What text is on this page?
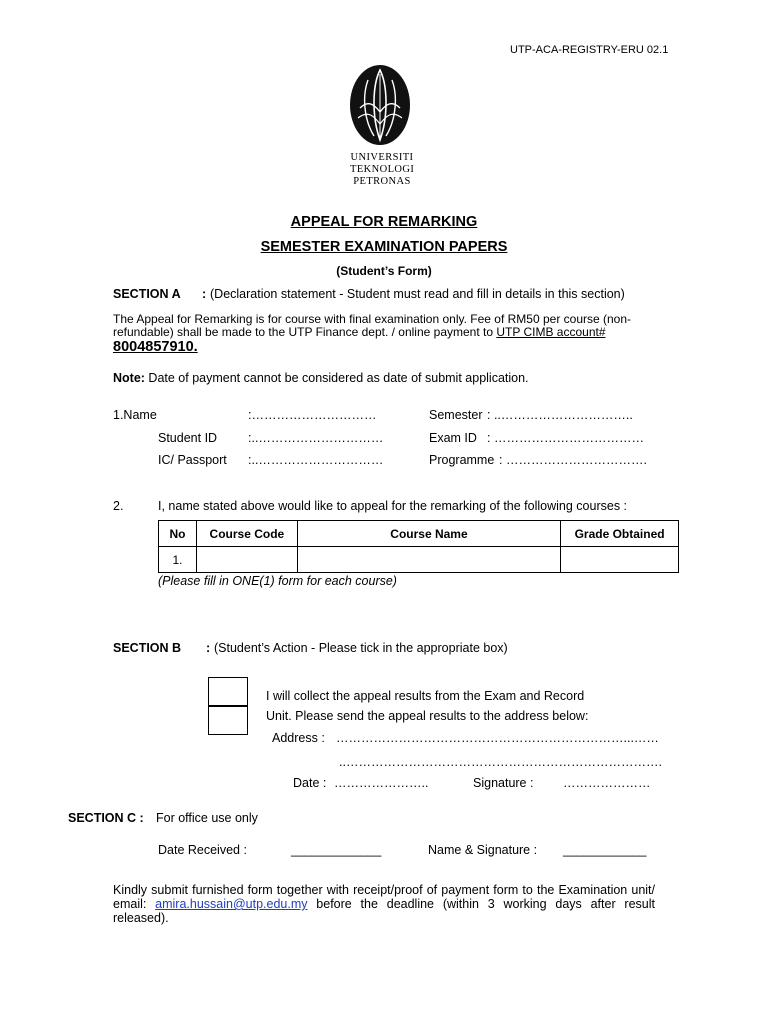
UTP-ACA-REGISTRY-ERU 02.1
UNIVERSITI
TEKNOLOGI
PETRONAS
APPEAL FOR REMARKING
SEMESTER EXAMINATION PAPERS
(Student’s Form)
SECTION A : (Declaration statement - Student must read and fill in details in this section)
The Appeal for Remarking is for course with final examination only. Fee of RM50 per course (non-
refundable) shall be made to the UTP Finance dept. / online payment to UTP CIMB account#
8004857910.
Note: Date of payment cannot be considered as date of submit application.
1.Name	:…………………………
Student ID :..…………………………
IC/ Passport :..…………………………
Semester : ..…………………………..
Exam ID : ………………………………
Programme : …………………………….
2.	I, name stated above would like to appeal for the remarking of the following courses :
No	Course Code	Course Name	Grade Obtained
1.			
(Please fill in ONE(1) form for each course)
SECTION B : (Student’s Action - Please tick in the appropriate box)
I will collect the appeal results from the Exam and Record
Unit. Please send the appeal results to the address below:
Address : ……………………………………………………………...……
..………………………………………………………………….
Date : …………………..	Signature : …………………
SECTION C : For office use only
Date Received :	_____________	Name & Signature : ____________
Kindly submit furnished form together with receipt/proof of payment form to the Examination unit/ email: amira.hussain@utp.edu.my before the deadline (within 3 working days after result released).
